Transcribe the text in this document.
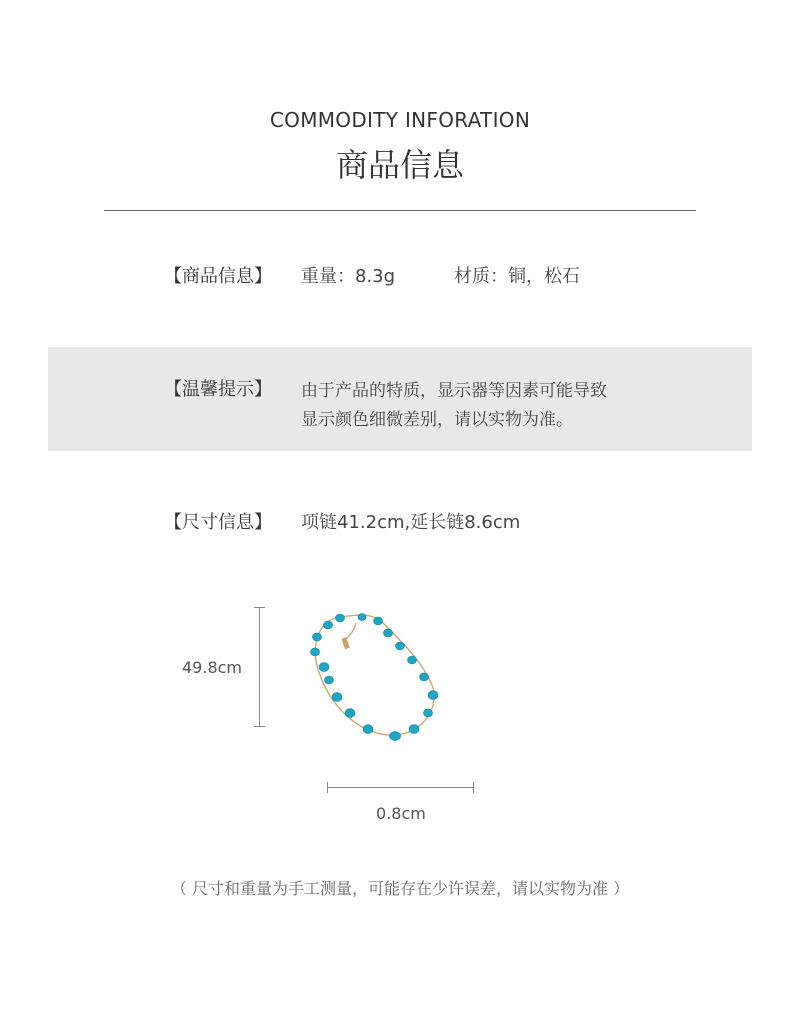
COMMODITY INFORATION
商品信息
【商品信息】 重量：8.3g	材质：铜，松石
【温馨提示】 由于产品的特质，显示器等因素可能导致
显示颜色细微差别，请以实物为准。
【尺寸信息】 项链41.2cm,延长链8.6cm
49.8cm
0.8cm
（ 尺寸和重量为手工测量，可能存在少许误差，请以实物为准 ）
